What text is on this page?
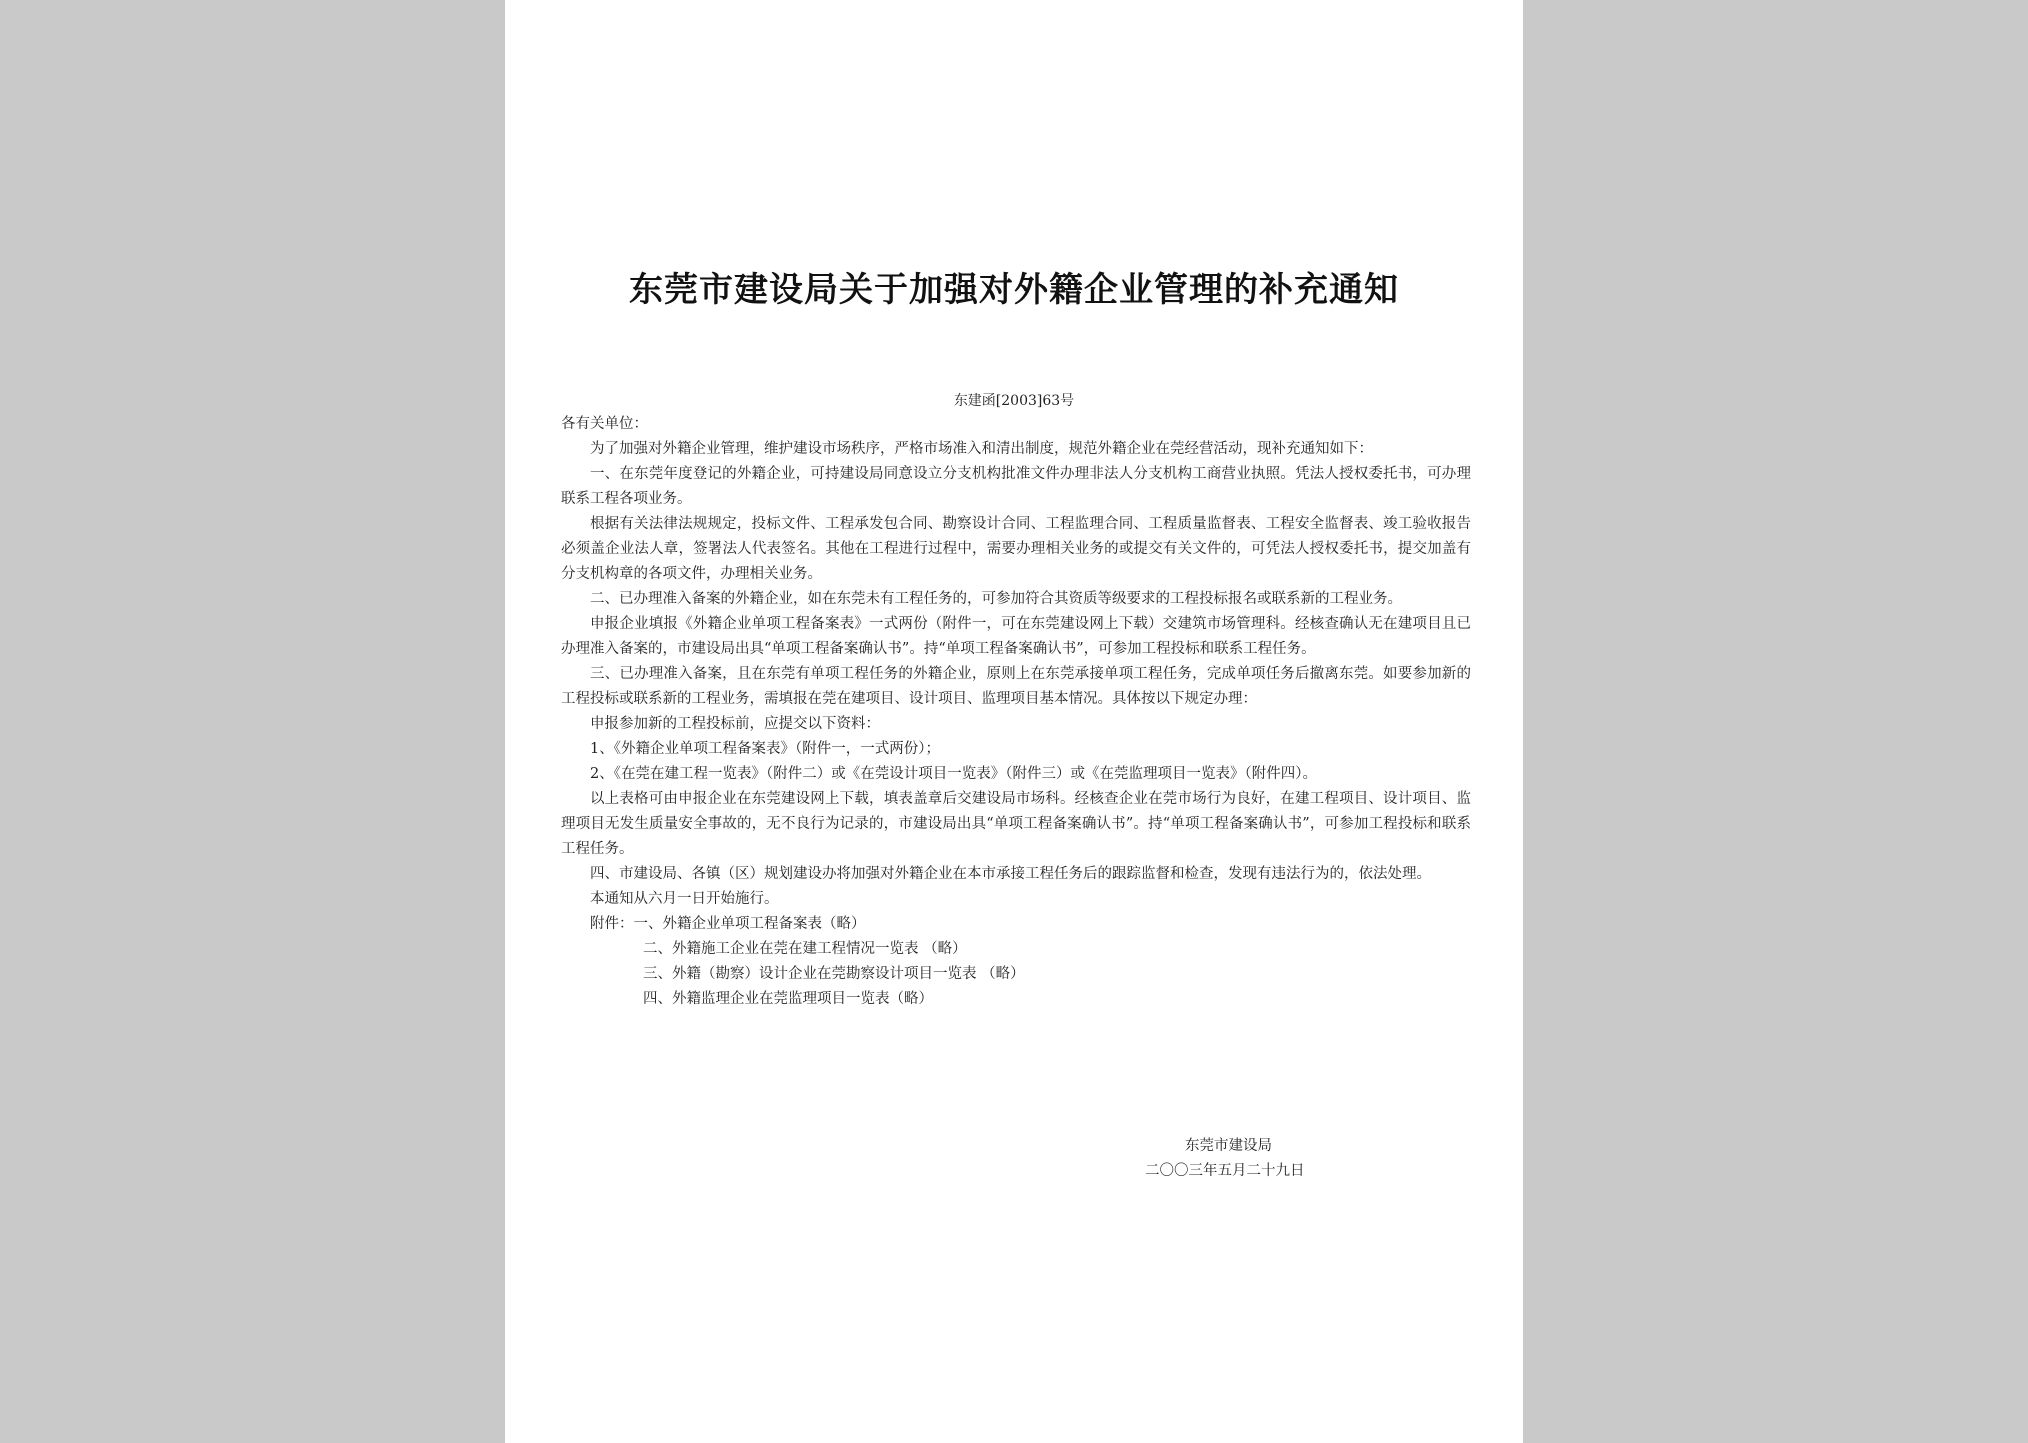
东莞市建设局关于加强对外籍企业管理的补充通知
东建函[2003]63号

各有关单位：

为了加强对外籍企业管理，维护建设市场秩序，严格市场准入和清出制度，规范外籍企业在莞经营活动，现补充通知如下：

一、在东莞年度登记的外籍企业，可持建设局同意设立分支机构批准文件办理非法人分支机构工商营业执照。凭法人授权委托书，可办理联系工程各项业务。

根据有关法律法规规定，投标文件、工程承发包合同、勘察设计合同、工程监理合同、工程质量监督表、工程安全监督表、竣工验收报告必须盖企业法人章，签署法人代表签名。其他在工程进行过程中，需要办理相关业务的或提交有关文件的，可凭法人授权委托书，提交加盖有分支机构章的各项文件，办理相关业务。

二、已办理准入备案的外籍企业，如在东莞未有工程任务的，可参加符合其资质等级要求的工程投标报名或联系新的工程业务。

申报企业填报《外籍企业单项工程备案表》一式两份（附件一，可在东莞建设网上下载）交建筑市场管理科。经核查确认无在建项目且已办理准入备案的，市建设局出具“单项工程备案确认书”。持“单项工程备案确认书”，可参加工程投标和联系工程任务。

三、已办理准入备案，且在东莞有单项工程任务的外籍企业，原则上在东莞承接单项工程任务，完成单项任务后撤离东莞。如要参加新的工程投标或联系新的工程业务，需填报在莞在建项目、设计项目、监理项目基本情况。具体按以下规定办理：

申报参加新的工程投标前，应提交以下资料：

1、《外籍企业单项工程备案表》（附件一，一式两份）；

2、《在莞在建工程一览表》（附件二）或《在莞设计项目一览表》（附件三）或《在莞监理项目一览表》（附件四）。

以上表格可由申报企业在东莞建设网上下载，填表盖章后交建设局市场科。经核查企业在莞市场行为良好，在建工程项目、设计项目、监理项目无发生质量安全事故的，无不良行为记录的，市建设局出具“单项工程备案确认书”。持“单项工程备案确认书”，可参加工程投标和联系工程任务。

四、市建设局、各镇（区）规划建设办将加强对外籍企业在本市承接工程任务后的跟踪监督和检查，发现有违法行为的，依法处理。

本通知从六月一日开始施行。

附件：一、外籍企业单项工程备案表（略）

二、外籍施工企业在莞在建工程情况一览表 （略）

三、外籍（勘察）设计企业在莞勘察设计项目一览表 （略）

四、外籍监理企业在莞监理项目一览表（略）

东莞市建设局
二〇〇三年五月二十九日
